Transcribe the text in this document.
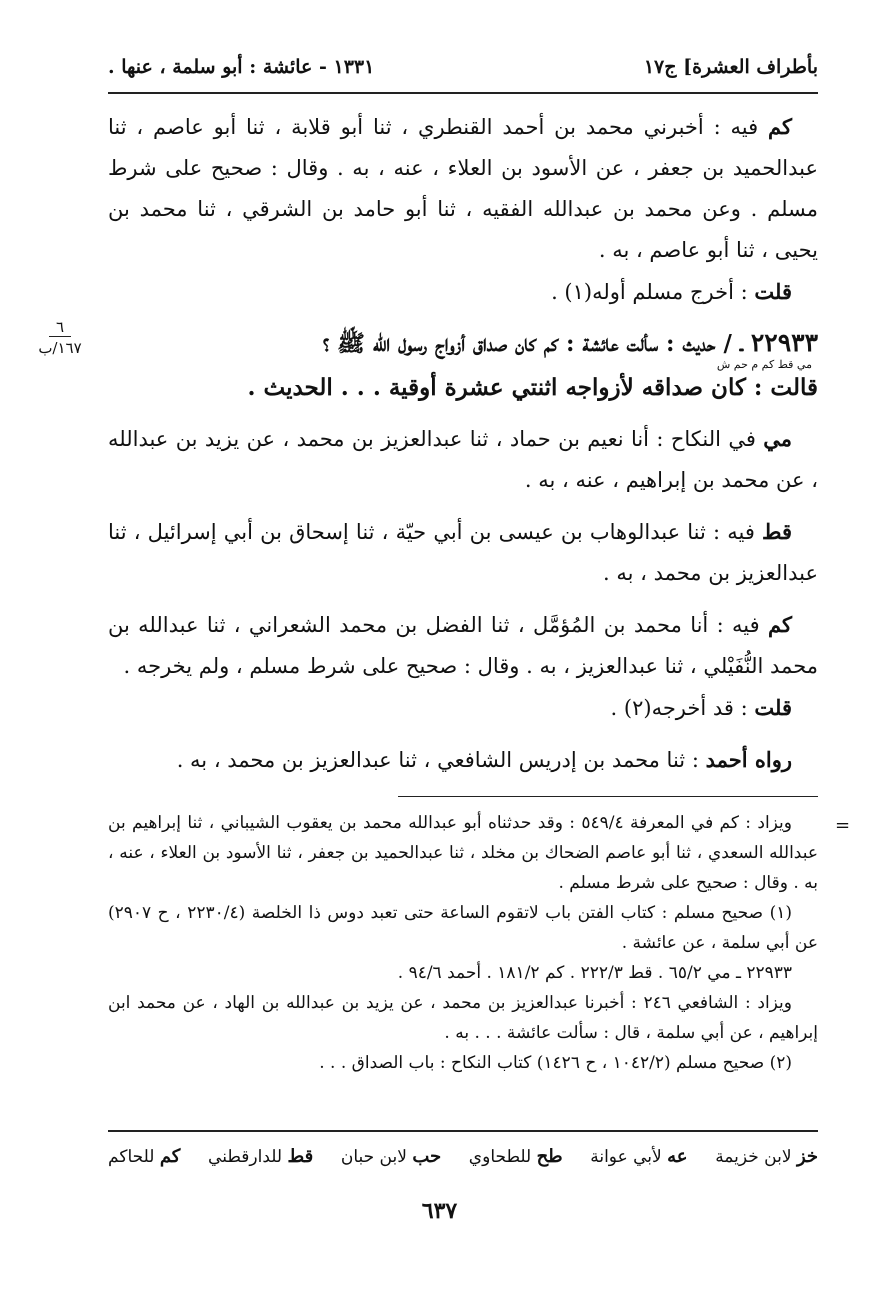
بأطراف العشرة] ج١٧
١٣٣١ - عائشة : أبو سلمة ، عنها .
٦
١٦٧/ب

كم فيه : أخبرني محمد بن أحمد القنطري ، ثنا أبو قلابة ، ثنا أبو عاصم ، ثنا عبدالحميد بن جعفر ، عن الأسود بن العلاء ، عنه ، به . وقال : صحيح على شرط مسلم . وعن محمد بن عبدالله الفقيه ، ثنا أبو حامد بن الشرقي ، ثنا محمد بن يحيى ، ثنا أبو عاصم ، به .

قلت : أخرج مسلم أوله(١) .

٢٢٩٣٣ ـ / حديث : سألت عائشة : كم كان صداق أزواج رسول الله ﷺ ؟

مي قط كم م حم ش

قالت : كان صداقه لأزواجه اثنتي عشرة أوقية . . . الحديث .

مي في النكاح : أنا نعيم بن حماد ، ثنا عبدالعزيز بن محمد ، عن يزيد بن عبدالله ، عن محمد بن إبراهيم ، عنه ، به .

قط فيه : ثنا عبدالوهاب بن عيسى بن أبي حيّة ، ثنا إسحاق بن أبي إسرائيل ، ثنا عبدالعزيز بن محمد ، به .

كم فيه : أنا محمد بن المُؤمَّل ، ثنا الفضل بن محمد الشعراني ، ثنا عبدالله بن محمد النُّفَيْلي ، ثنا عبدالعزيز ، به . وقال : صحيح على شرط مسلم ، ولم يخرجه .

قلت : قد أخرجه(٢) .

رواه أحمد : ثنا محمد بن إدريس الشافعي ، ثنا عبدالعزيز بن محمد ، به .

=

ويزاد : كم في المعرفة ٥٤٩/٤ : وقد حدثناه أبو عبدالله محمد بن يعقوب الشيباني ، ثنا إبراهيم بن عبدالله السعدي ، ثنا أبو عاصم الضحاك بن مخلد ، ثنا عبدالحميد بن جعفر ، ثنا الأسود بن العلاء ، عنه ، به . وقال : صحيح على شرط مسلم .

(١) صحيح مسلم : كتاب الفتن باب لاتقوم الساعة حتى تعبد دوس ذا الخلصة (٢٢٣٠/٤ ، ح ٢٩٠٧) عن أبي سلمة ، عن عائشة .

٢٢٩٣٣ ـ مي ٦٥/٢ . قط ٢٢٢/٣ . كم ١٨١/٢ . أحمد ٩٤/٦ .

ويزاد : الشافعي ٢٤٦ : أخبرنا عبدالعزيز بن محمد ، عن يزيد بن عبدالله بن الهاد ، عن محمد ابن إبراهيم ، عن أبي سلمة ، قال : سألت عائشة . . . به .

(٢) صحيح مسلم (١٠٤٢/٢ ، ح ١٤٢٦) كتاب النكاح : باب الصداق . . .

خز لابن خزيمة
عه لأبي عوانة
طح للطحاوي
حب لابن حبان
قط للدارقطني
كم للحاكم
٦٣٧
